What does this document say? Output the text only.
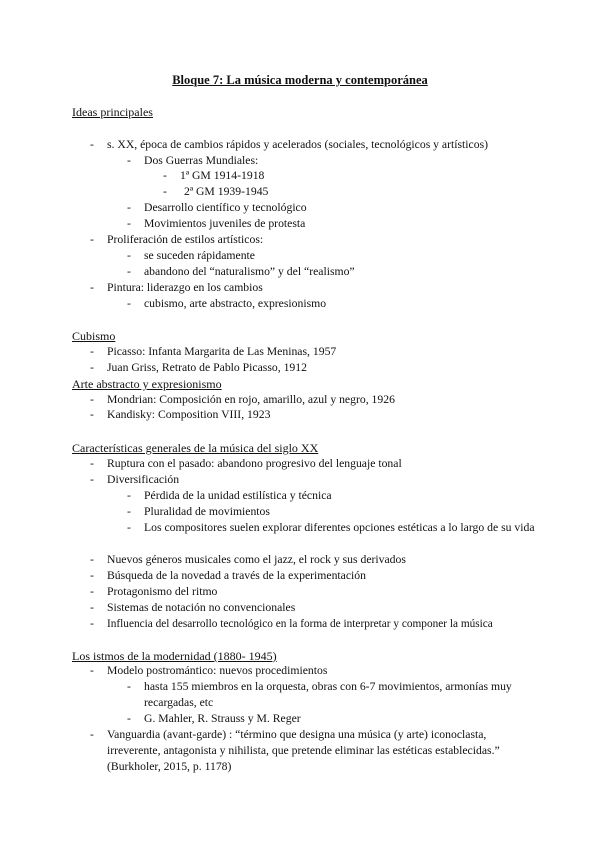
Bloque 7: La música moderna y contemporánea
Ideas principales
- s. XX, época de cambios rápidos y acelerados (sociales, tecnológicos y artísticos)
- Dos Guerras Mundiales:
- 1ª GM 1914-1918
- 2ª GM 1939-1945
- Desarrollo científico y tecnológico
- Movimientos juveniles de protesta
- Proliferación de estilos artísticos:
- se suceden rápidamente
- abandono del “naturalismo” y del “realismo”
- Pintura: liderazgo en los cambios
- cubismo, arte abstracto, expresionismo
Cubismo
- Picasso: Infanta Margarita de Las Meninas, 1957
- Juan Griss, Retrato de Pablo Picasso, 1912
Arte abstracto y expresionismo
- Mondrian: Composición en rojo, amarillo, azul y negro, 1926
- Kandisky: Composition VIII, 1923
Características generales de la música del siglo XX
- Ruptura con el pasado: abandono progresivo del lenguaje tonal
- Diversificación
- Pérdida de la unidad estilística y técnica
- Pluralidad de movimientos
- Los compositores suelen explorar diferentes opciones estéticas a lo largo de su vida
- Nuevos géneros musicales como el jazz, el rock y sus derivados
- Búsqueda de la novedad a través de la experimentación
- Protagonismo del ritmo
- Sistemas de notación no convencionales
- Influencia del desarrollo tecnológico en la forma de interpretar y componer la música
Los istmos de la modernidad (1880- 1945)
- Modelo postromántico: nuevos procedimientos
- hasta 155 miembros en la orquesta, obras con 6-7 movimientos, armonías muy recargadas, etc
- G. Mahler, R. Strauss y M. Reger
- Vanguardia (avant-garde) : “término que designa una música (y arte) iconoclasta, irreverente, antagonista y nihilista, que pretende eliminar las estéticas establecidas.” (Burkholer, 2015, p. 1178)
